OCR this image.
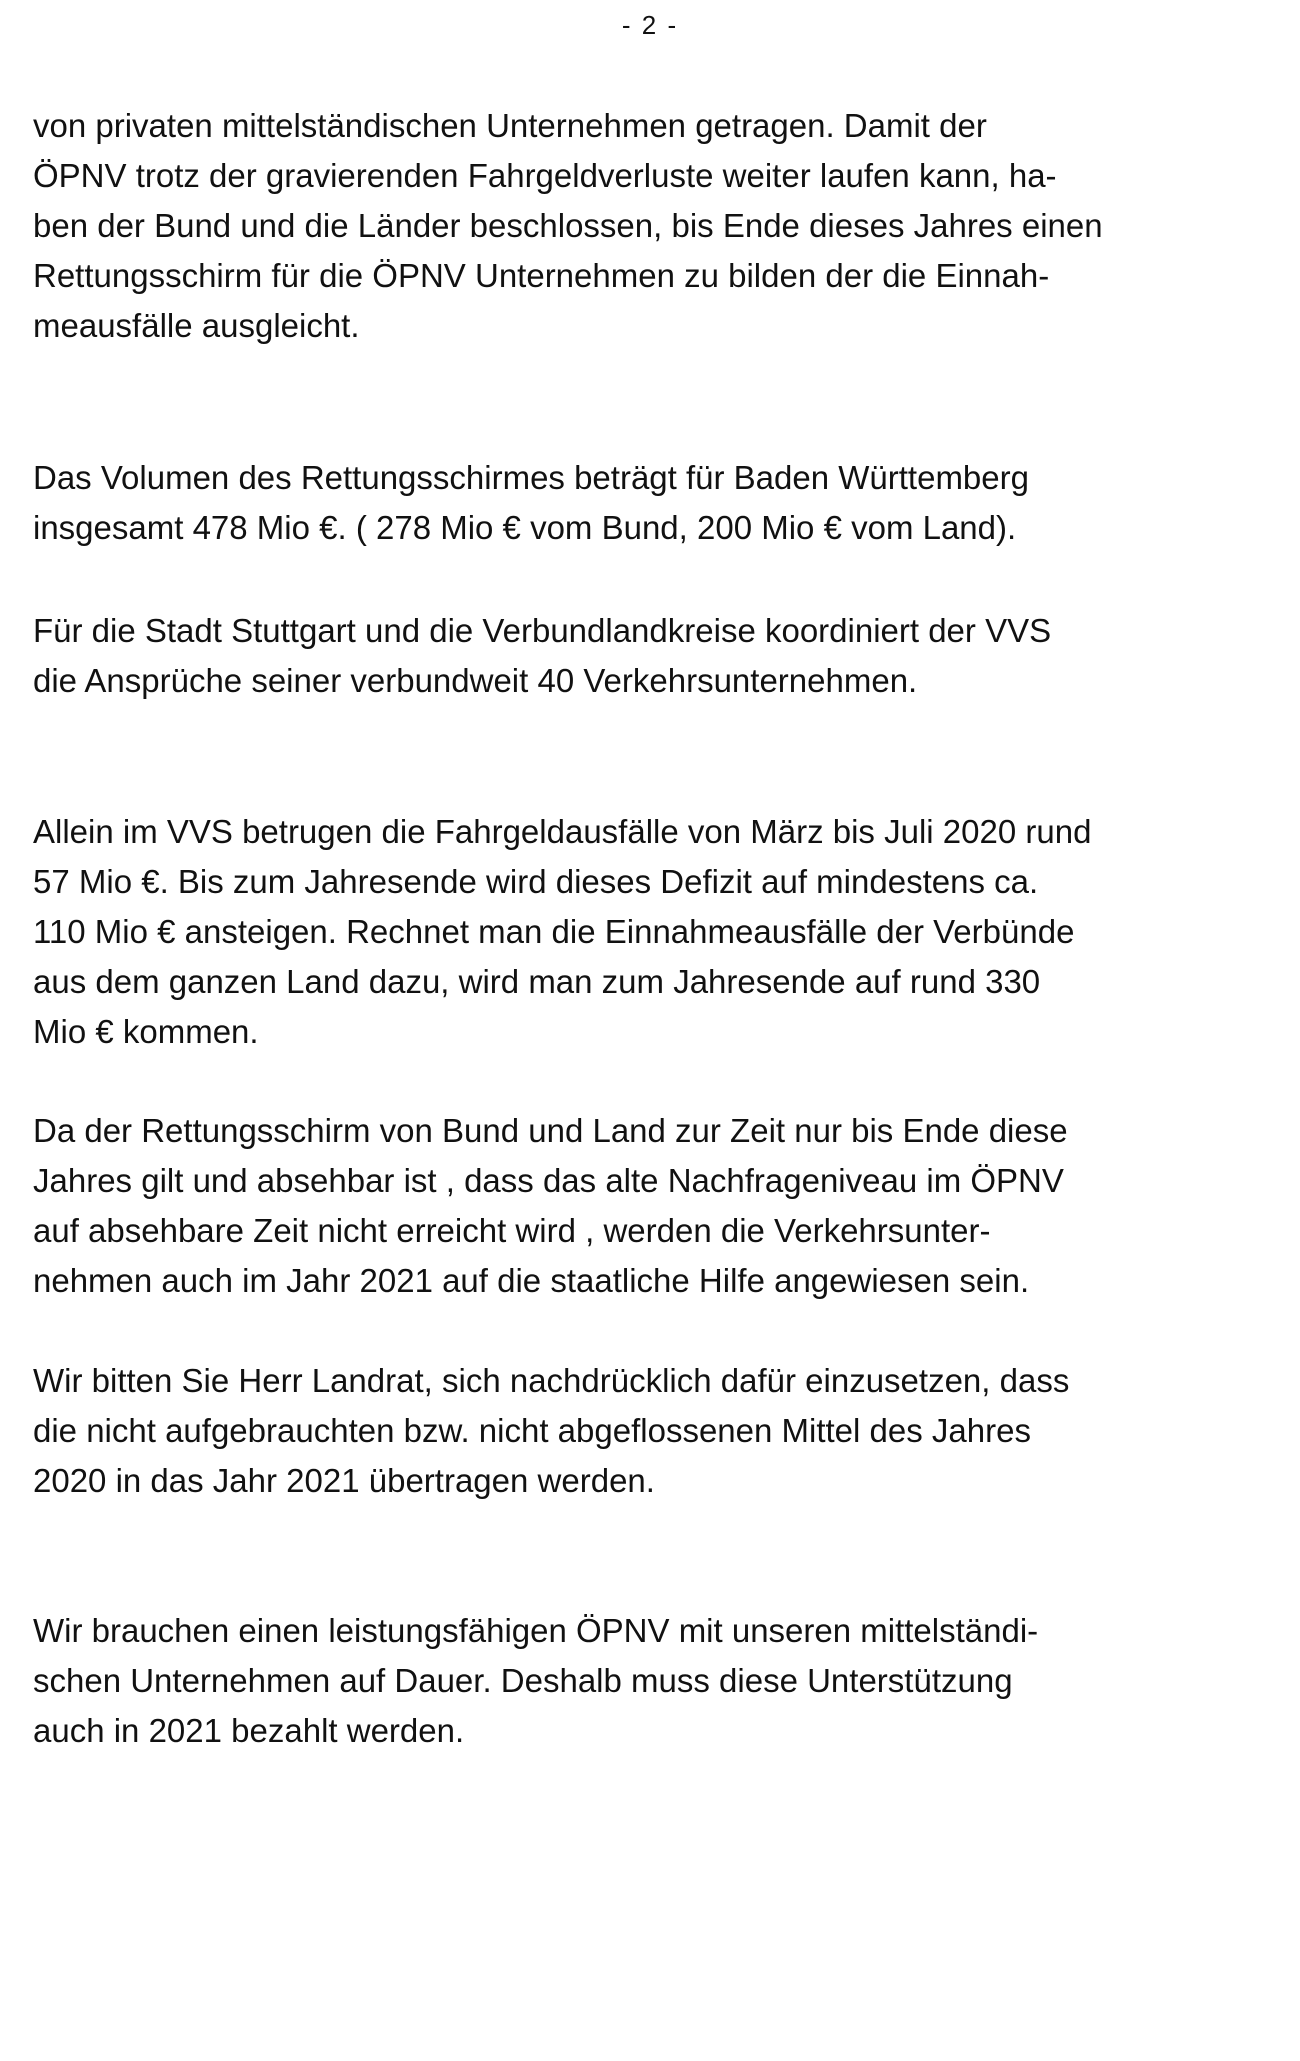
- 2 -
von privaten mittelständischen Unternehmen getragen. Damit der
ÖPNV trotz der gravierenden Fahrgeldverluste weiter laufen kann, ha-
ben der Bund und die Länder beschlossen, bis Ende dieses Jahres einen
Rettungsschirm für die ÖPNV Unternehmen zu bilden der die Einnah-
meausfälle ausgleicht.
Das Volumen des Rettungsschirmes beträgt für Baden Württemberg
insgesamt 478 Mio €. ( 278 Mio € vom Bund, 200 Mio € vom Land).
Für die Stadt Stuttgart und die Verbundlandkreise koordiniert der VVS
die Ansprüche seiner verbundweit 40 Verkehrsunternehmen.
Allein im VVS betrugen die Fahrgeldausfälle von März bis Juli 2020 rund
57 Mio €. Bis zum Jahresende wird dieses Defizit auf mindestens ca.
110 Mio € ansteigen. Rechnet man die Einnahmeausfälle der Verbünde
aus dem ganzen Land dazu, wird man zum Jahresende auf rund 330
Mio € kommen.
Da der Rettungsschirm von Bund und Land zur Zeit nur bis Ende diese
Jahres gilt und absehbar ist , dass das alte Nachfrageniveau im ÖPNV
auf absehbare Zeit nicht erreicht wird , werden die Verkehrsunter-
nehmen auch im Jahr 2021 auf die staatliche Hilfe angewiesen sein.
Wir bitten Sie Herr Landrat, sich nachdrücklich dafür einzusetzen, dass
die nicht aufgebrauchten bzw. nicht abgeflossenen Mittel des Jahres
2020 in das Jahr 2021 übertragen werden.
Wir brauchen einen leistungsfähigen ÖPNV mit unseren mittelständi-
schen Unternehmen auf Dauer. Deshalb muss diese Unterstützung
auch in 2021 bezahlt werden.
